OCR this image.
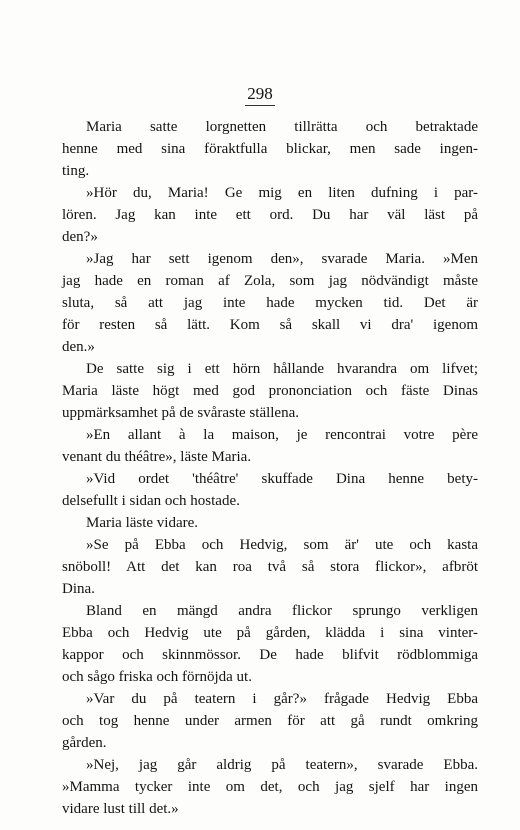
298
Maria satte lorgnetten tillrätta och betraktade
henne med sina föraktfulla blickar, men sade ingen-
ting.
»Hör du, Maria! Ge mig en liten dufning i par-
lören. Jag kan inte ett ord. Du har väl läst på
den?»
»Jag har sett igenom den», svarade Maria. »Men
jag hade en roman af Zola, som jag nödvändigt måste
sluta, så att jag inte hade mycken tid. Det är
för resten så lätt. Kom så skall vi dra' igenom
den.»
De satte sig i ett hörn hållande hvarandra om lifvet;
Maria läste högt med god prononciation och fäste Dinas
uppmärksamhet på de svåraste ställena.
»En allant à la maison, je rencontrai votre père
venant du théâtre», läste Maria.
»Vid ordet 'théâtre' skuffade Dina henne bety-
delsefullt i sidan och hostade.
Maria läste vidare.
»Se på Ebba och Hedvig, som är' ute och kasta
snöboll! Att det kan roa två så stora flickor», afbröt
Dina.
Bland en mängd andra flickor sprungo verkligen
Ebba och Hedvig ute på gården, klädda i sina vinter-
kappor och skinnmössor. De hade blifvit rödblommiga
och sågo friska och förnöjda ut.
»Var du på teatern i går?» frågade Hedvig Ebba
och tog henne under armen för att gå rundt omkring
gården.
»Nej, jag går aldrig på teatern», svarade Ebba.
»Mamma tycker inte om det, och jag sjelf har ingen
vidare lust till det.»
